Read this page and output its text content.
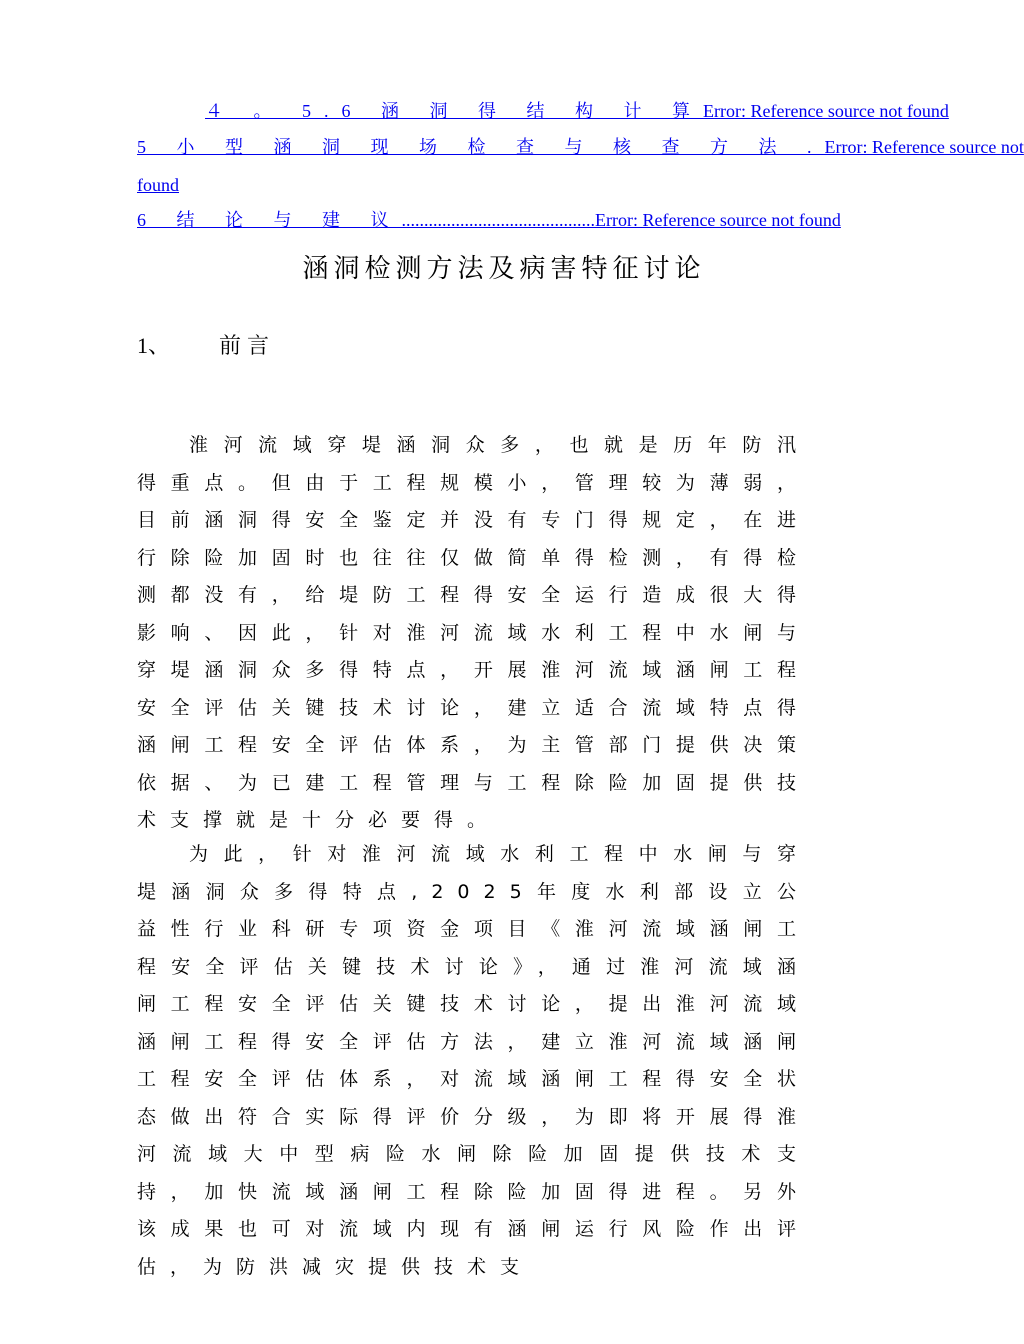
４ 。 5.6 涵 洞 得 结 构 计 算 Error: Reference source not found
5 小 型 涵 洞 现 场 检 查 与 核 查 方 法 . Error: Reference source not
found
6 结 论 与 建 议 ........................................... Error: Reference source not found
涵洞检测方法及病害特征讨论
1、 前言

淮河流域穿堤涵洞众多，也就是历年防汛得重点。但由于工程规模小，管理较为薄弱，目前涵洞得安全鉴定并没有专门得规定，在进行除险加固时也往往仅做简单得检测，有得检测都没有，给堤防工程得安全运行造成很大得影响、因此，针对淮河流域水利工程中水闸与穿堤涵洞众多得特点，开展淮河流域涵闸工程安全评估关键技术讨论，建立适合流域特点得涵闸工程安全评估体系，为主管部门提供决策依据、为已建工程管理与工程除险加固提供技术支撑就是十分必要得。

为此，针对淮河流域水利工程中水闸与穿堤涵洞众多得特点,2025年度水利部设立公益性行业科研专项资金项目《淮河流域涵闸工程安全评估关键技术讨论》，通过淮河流域涵闸工程安全评估关键技术讨论，提出淮河流域涵闸工程得安全评估方法，建立淮河流域涵闸工程安全评估体系，对流域涵闸工程得安全状态做出符合实际得评价分级，为即将开展得淮河流域大中型病险水闸除险加固提供技术支持，加快流域涵闸工程除险加固得进程。另外该成果也可对流域内现有涵闸运行风险作出评估，为防洪减灾提供技术支
